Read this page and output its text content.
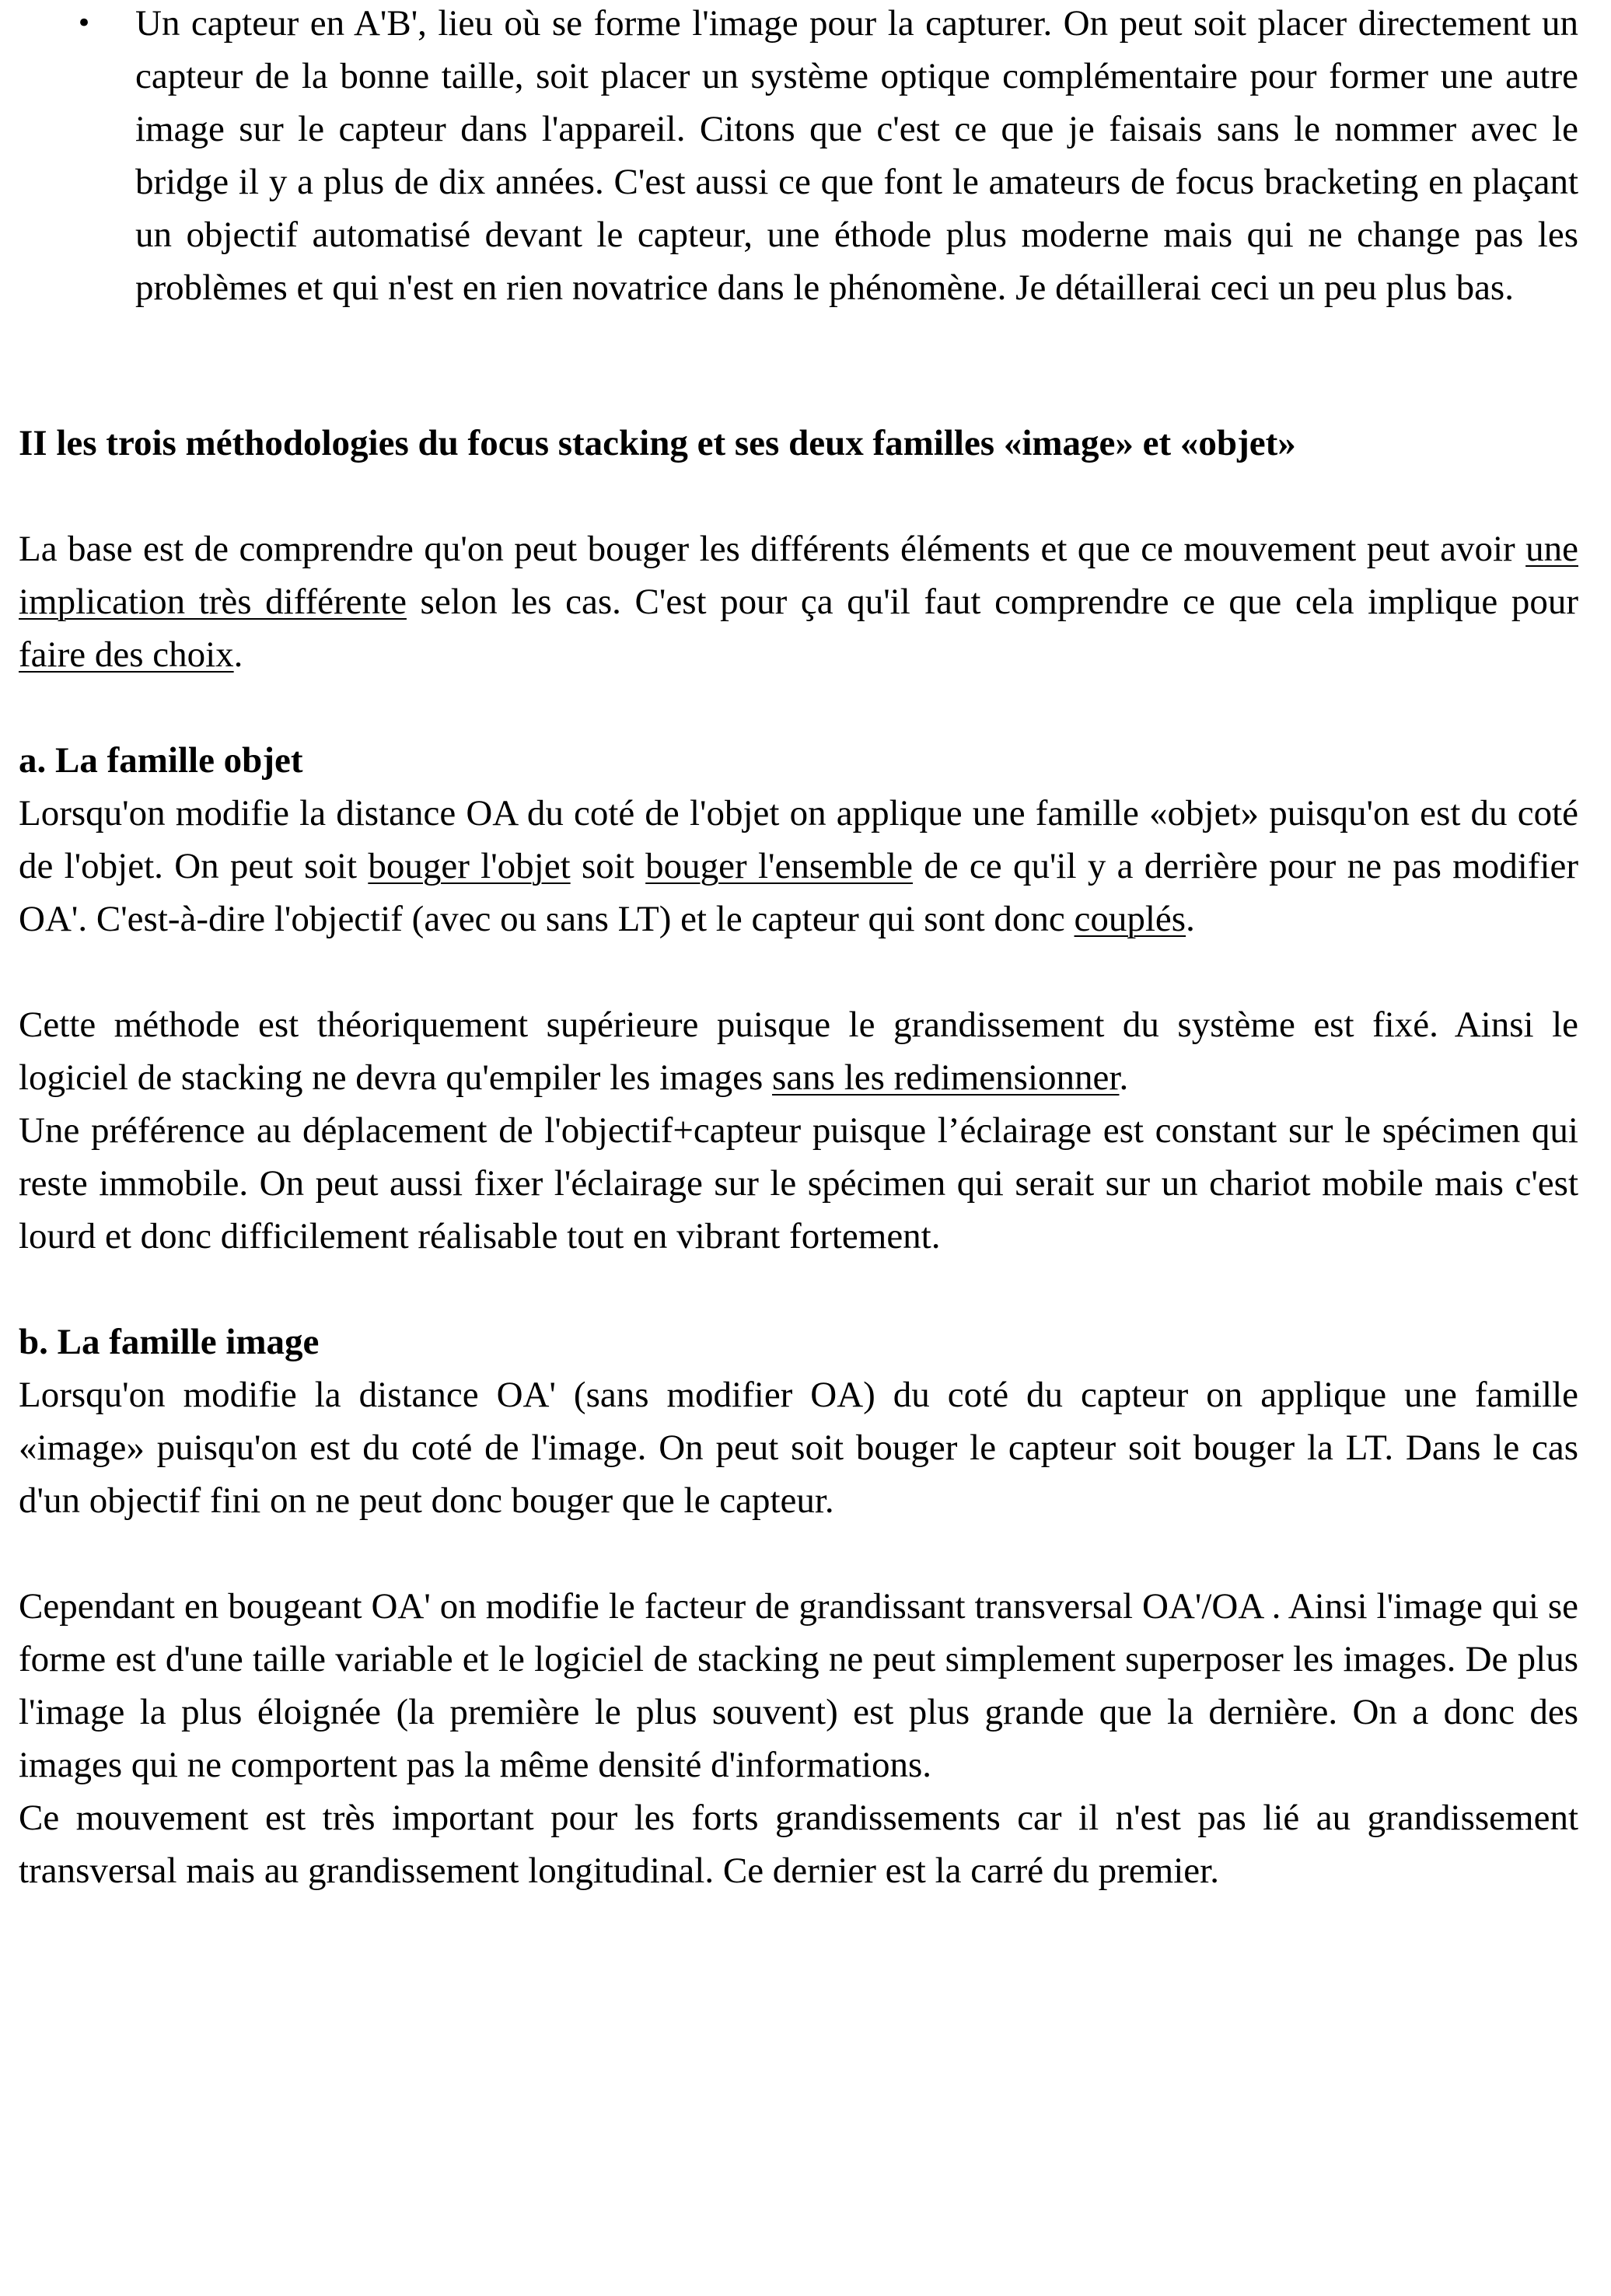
• Un capteur en A'B', lieu où se forme l'image pour la capturer. On peut soit placer directement un capteur de la bonne taille, soit placer un système optique complémentaire pour former une autre image sur le capteur dans l'appareil. Citons que c'est ce que je faisais sans le nommer avec le bridge il y a plus de dix années. C'est aussi ce que font le amateurs de focus bracketing en plaçant un objectif automatisé devant le capteur, une éthode plus moderne mais qui ne change pas les problèmes et qui n'est en rien novatrice dans le phénomène. Je détaillerai ceci un peu plus bas.

II les trois méthodologies du focus stacking et ses deux familles «image» et «objet»

La base est de comprendre qu'on peut bouger les différents éléments et que ce mouvement peut avoir une implication très différente selon les cas. C'est pour ça qu'il faut comprendre ce que cela implique pour faire des choix.

a. La famille objet

Lorsqu'on modifie la distance OA du coté de l'objet on applique une famille «objet» puisqu'on est du coté de l'objet. On peut soit bouger l'objet soit bouger l'ensemble de ce qu'il y a derrière pour ne pas modifier OA'. C'est-à-dire l'objectif (avec ou sans LT) et le capteur qui sont donc couplés.

Cette méthode est théoriquement supérieure puisque le grandissement du système est fixé. Ainsi le logiciel de stacking ne devra qu'empiler les images sans les redimensionner.

Une préférence au déplacement de l'objectif+capteur puisque l’éclairage est constant sur le spécimen qui reste immobile. On peut aussi fixer l'éclairage sur le spécimen qui serait sur un chariot mobile mais c'est lourd et donc difficilement réalisable tout en vibrant fortement.

b. La famille image

Lorsqu'on modifie la distance OA' (sans modifier OA) du coté du capteur on applique une famille «image» puisqu'on est du coté de l'image. On peut soit bouger le capteur soit bouger la LT. Dans le cas d'un objectif fini on ne peut donc bouger que le capteur.

Cependant en bougeant OA' on modifie le facteur de grandissant transversal OA'/OA . Ainsi l'image qui se forme est d'une taille variable et le logiciel de stacking ne peut simplement superposer les images. De plus l'image la plus éloignée (la première le plus souvent) est plus grande que la dernière. On a donc des images qui ne comportent pas la même densité d'informations.

Ce mouvement est très important pour les forts grandissements car il n'est pas lié au grandissement transversal mais au grandissement longitudinal. Ce dernier est la carré du premier.
